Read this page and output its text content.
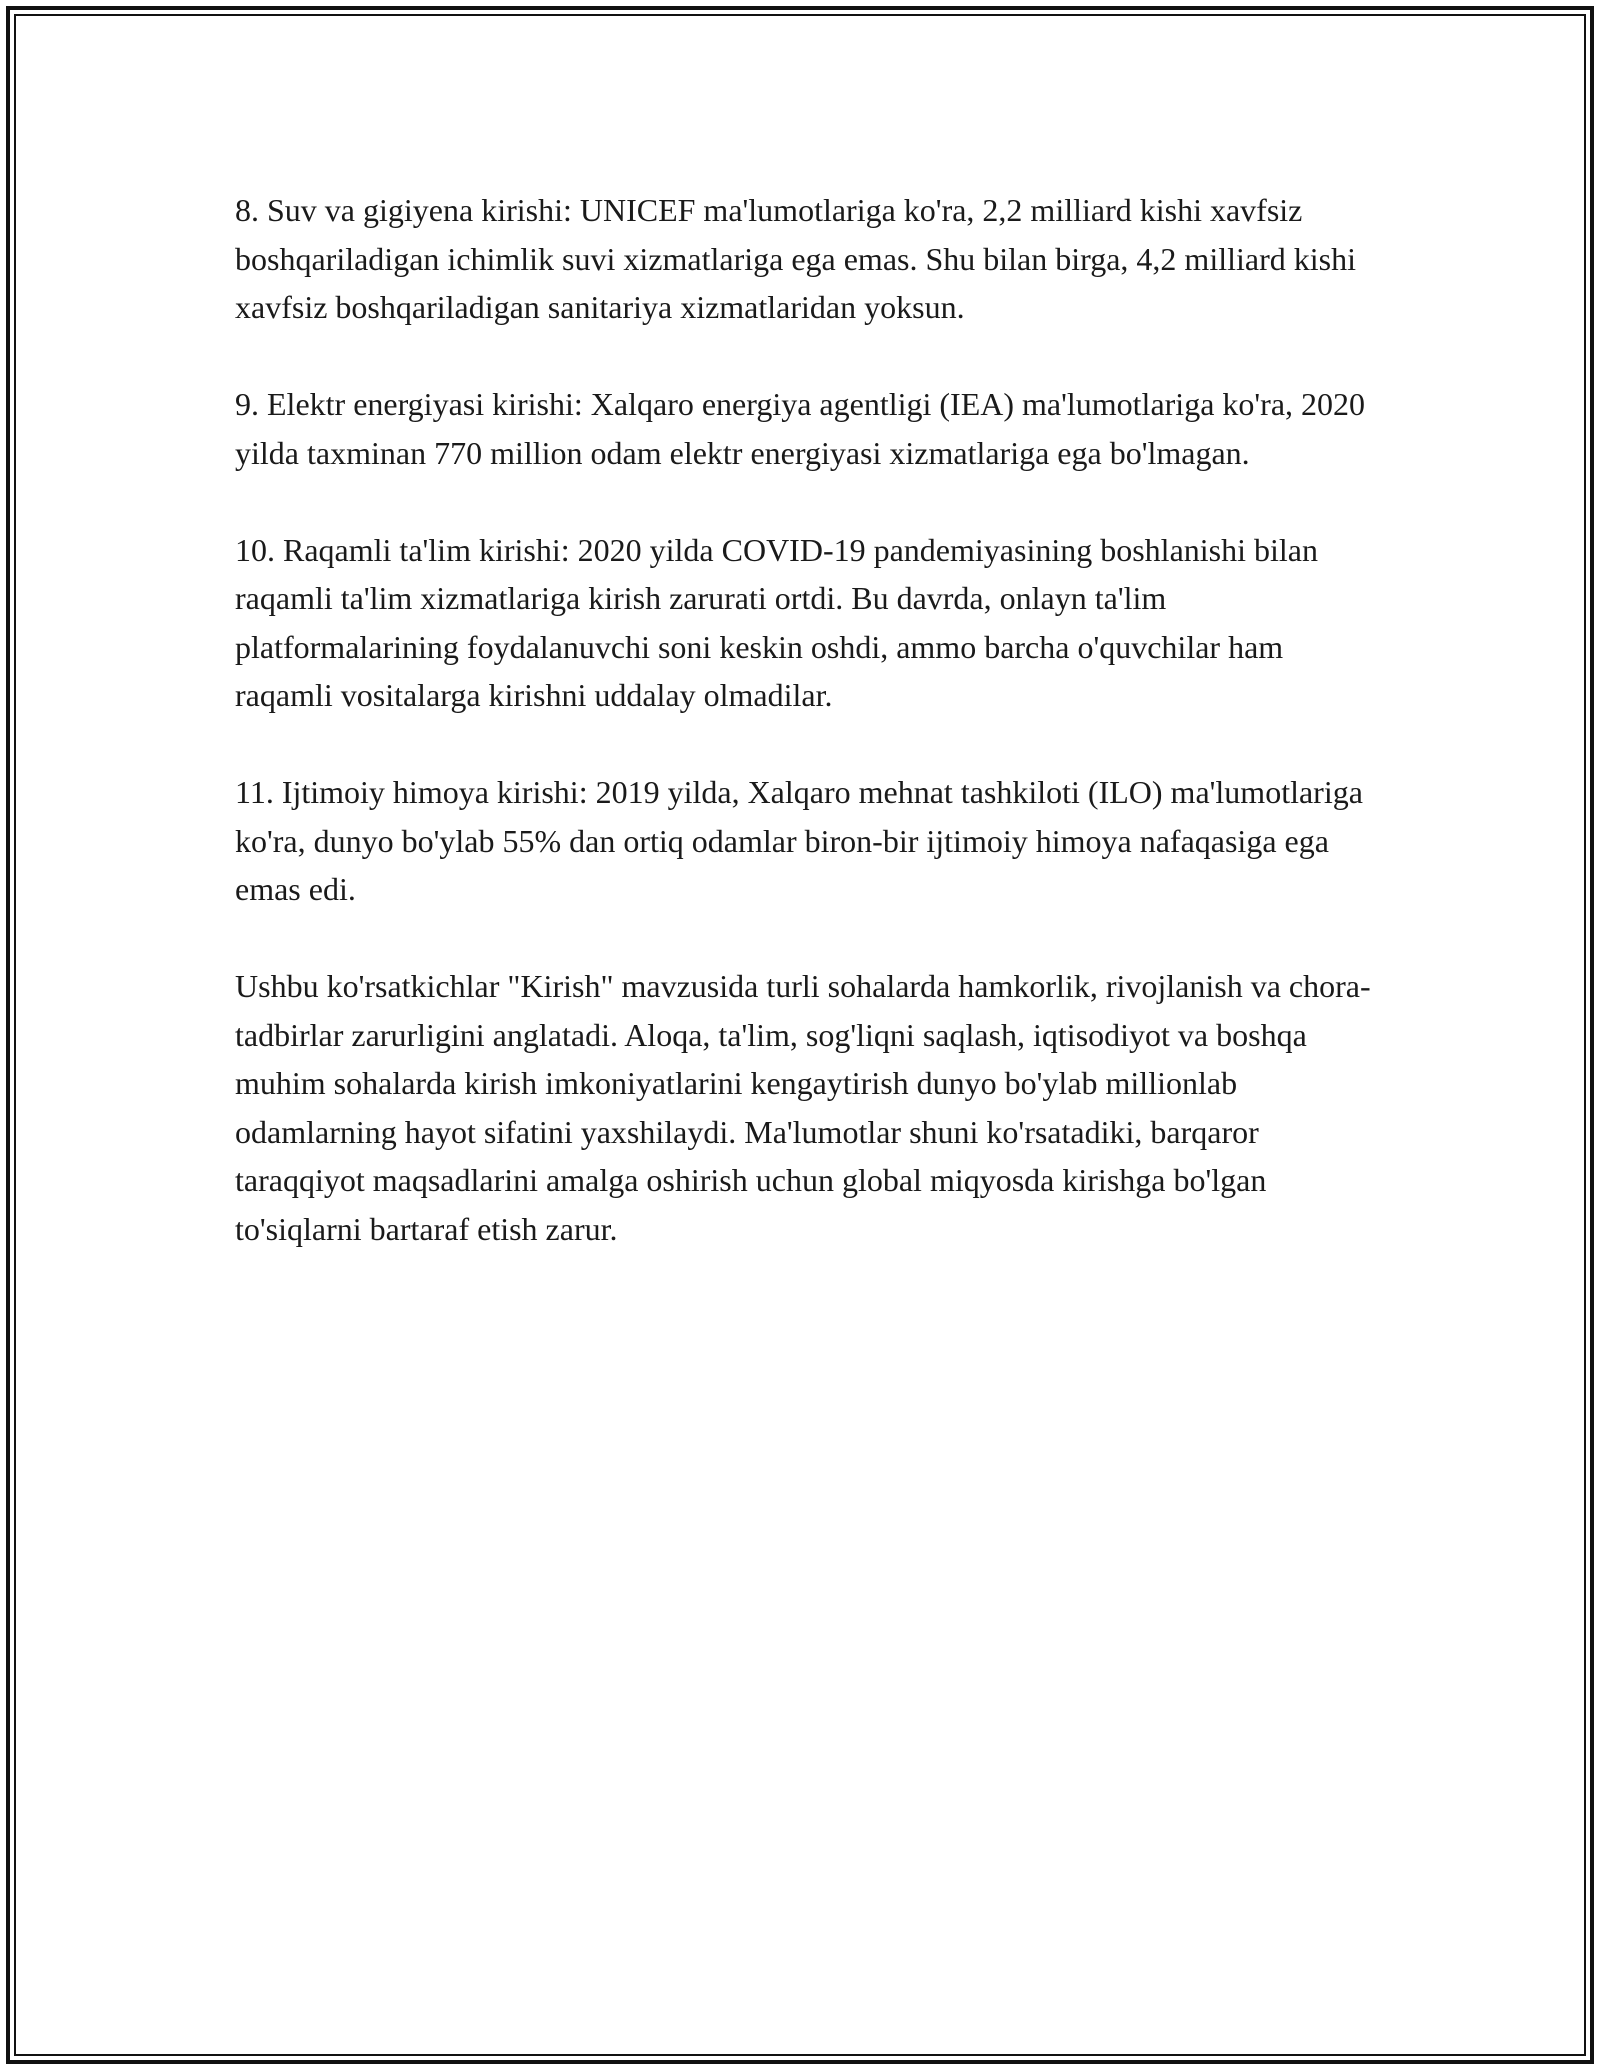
8. Suv va gigiyena kirishi: UNICEF ma'lumotlariga ko'ra, 2,2 milliard kishi xavfsiz boshqariladigan ichimlik suvi xizmatlariga ega emas. Shu bilan birga, 4,2 milliard kishi xavfsiz boshqariladigan sanitariya xizmatlaridan yoksun.

9. Elektr energiyasi kirishi: Xalqaro energiya agentligi (IEA) ma'lumotlariga ko'ra, 2020 yilda taxminan 770 million odam elektr energiyasi xizmatlariga ega bo'lmagan.

10. Raqamli ta'lim kirishi: 2020 yilda COVID-19 pandemiyasining boshlanishi bilan raqamli ta'lim xizmatlariga kirish zarurati ortdi. Bu davrda, onlayn ta'lim platformalarining foydalanuvchi soni keskin oshdi, ammo barcha o'quvchilar ham raqamli vositalarga kirishni uddalay olmadilar.

11. Ijtimoiy himoya kirishi: 2019 yilda, Xalqaro mehnat tashkiloti (ILO) ma'lumotlariga ko'ra, dunyo bo'ylab 55% dan ortiq odamlar biron-bir ijtimoiy himoya nafaqasiga ega emas edi.

Ushbu ko'rsatkichlar "Kirish" mavzusida turli sohalarda hamkorlik, rivojlanish va chora-tadbirlar zarurligini anglatadi. Aloqa, ta'lim, sog'liqni saqlash, iqtisodiyot va boshqa muhim sohalarda kirish imkoniyatlarini kengaytirish dunyo bo'ylab millionlab odamlarning hayot sifatini yaxshilaydi. Ma'lumotlar shuni ko'rsatadiki, barqaror taraqqiyot maqsadlarini amalga oshirish uchun global miqyosda kirishga bo'lgan to'siqlarni bartaraf etish zarur.
